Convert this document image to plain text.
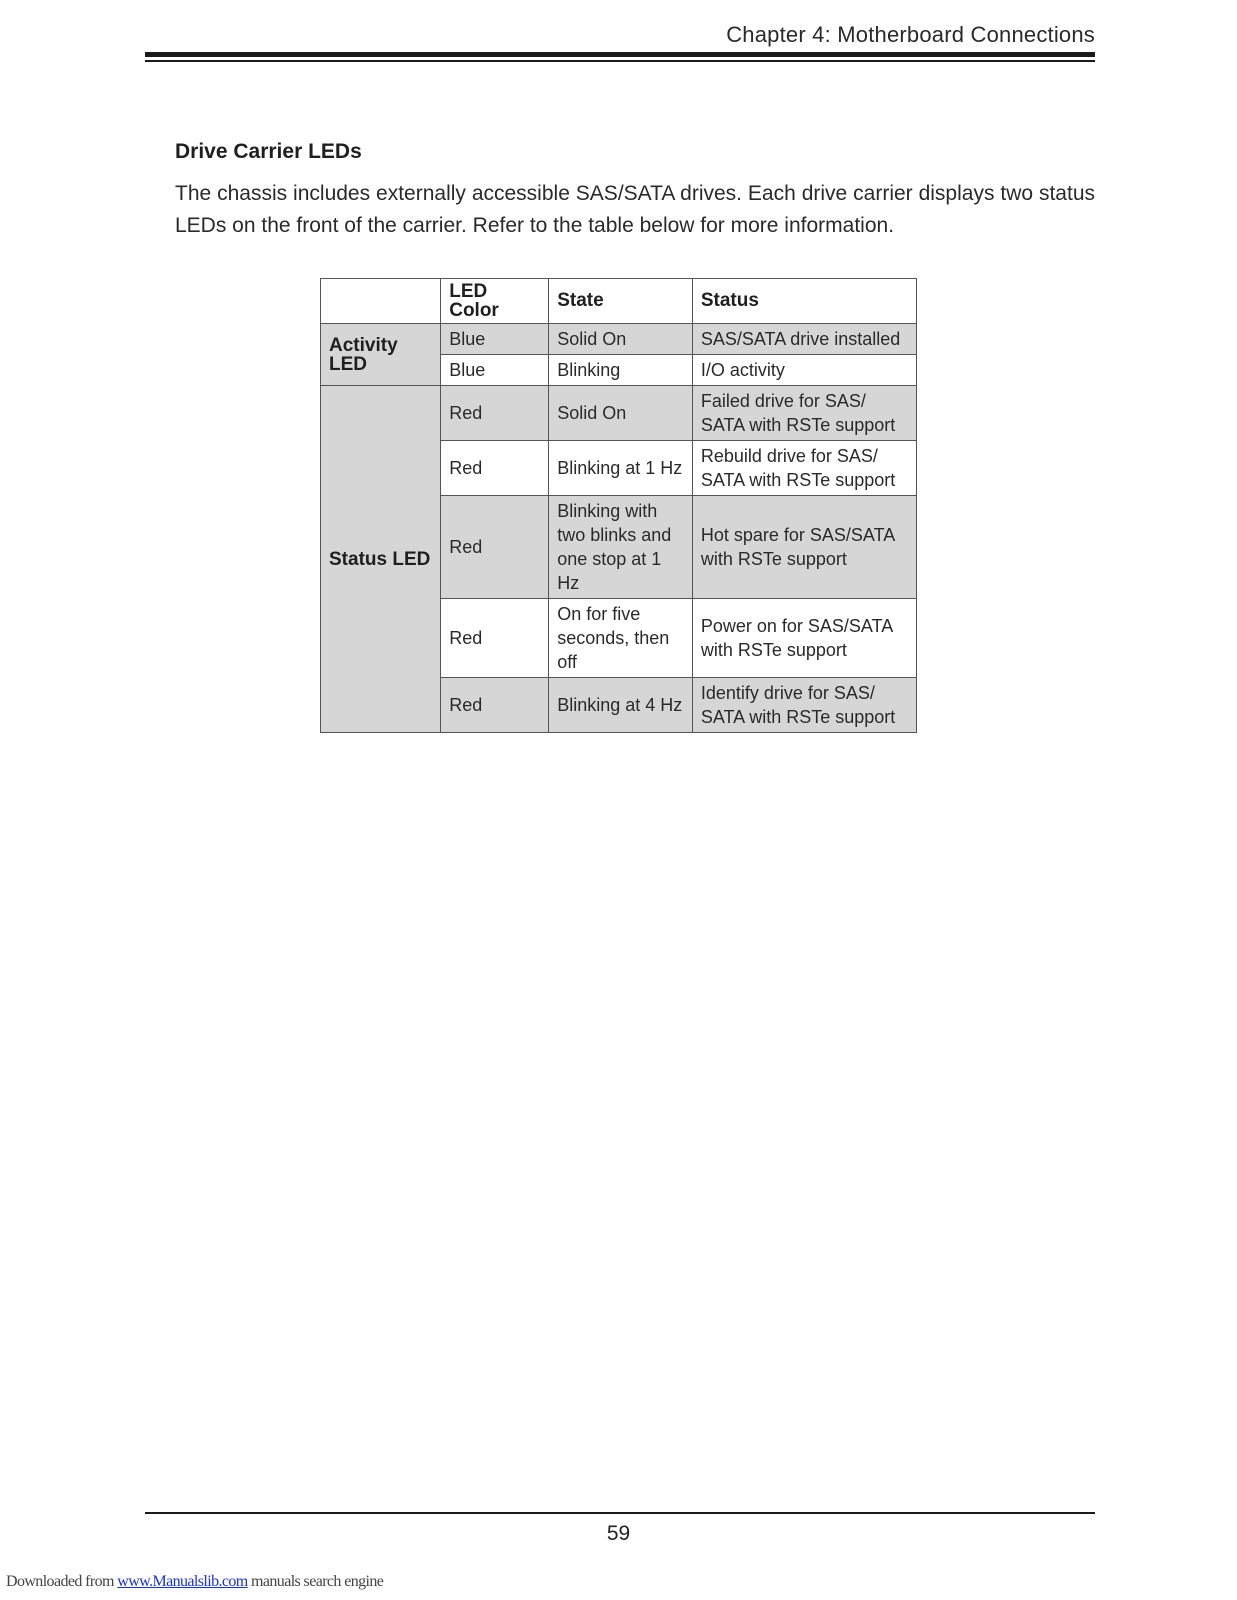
Chapter 4: Motherboard Connections
Drive Carrier LEDs
The chassis includes externally accessible SAS/SATA drives. Each drive carrier displays two status LEDs on the front of the carrier. Refer to the table below for more information.
	LED Color	State	Status
Activity LED	Blue	Solid On	SAS/SATA drive installed
	Blue	Blinking	I/O activity
Status LED	Red	Solid On	Failed drive for SAS/ SATA with RSTe support
	Red	Blinking at 1 Hz	Rebuild drive for SAS/ SATA with RSTe support
	Red	Blinking with two blinks and one stop at 1 Hz	Hot spare for SAS/SATA with RSTe support
	Red	On for five seconds, then off	Power on for SAS/SATA with RSTe support
	Red	Blinking at 4 Hz	Identify drive for SAS/ SATA with RSTe support
59
Downloaded from www.Manualslib.com manuals search engine
